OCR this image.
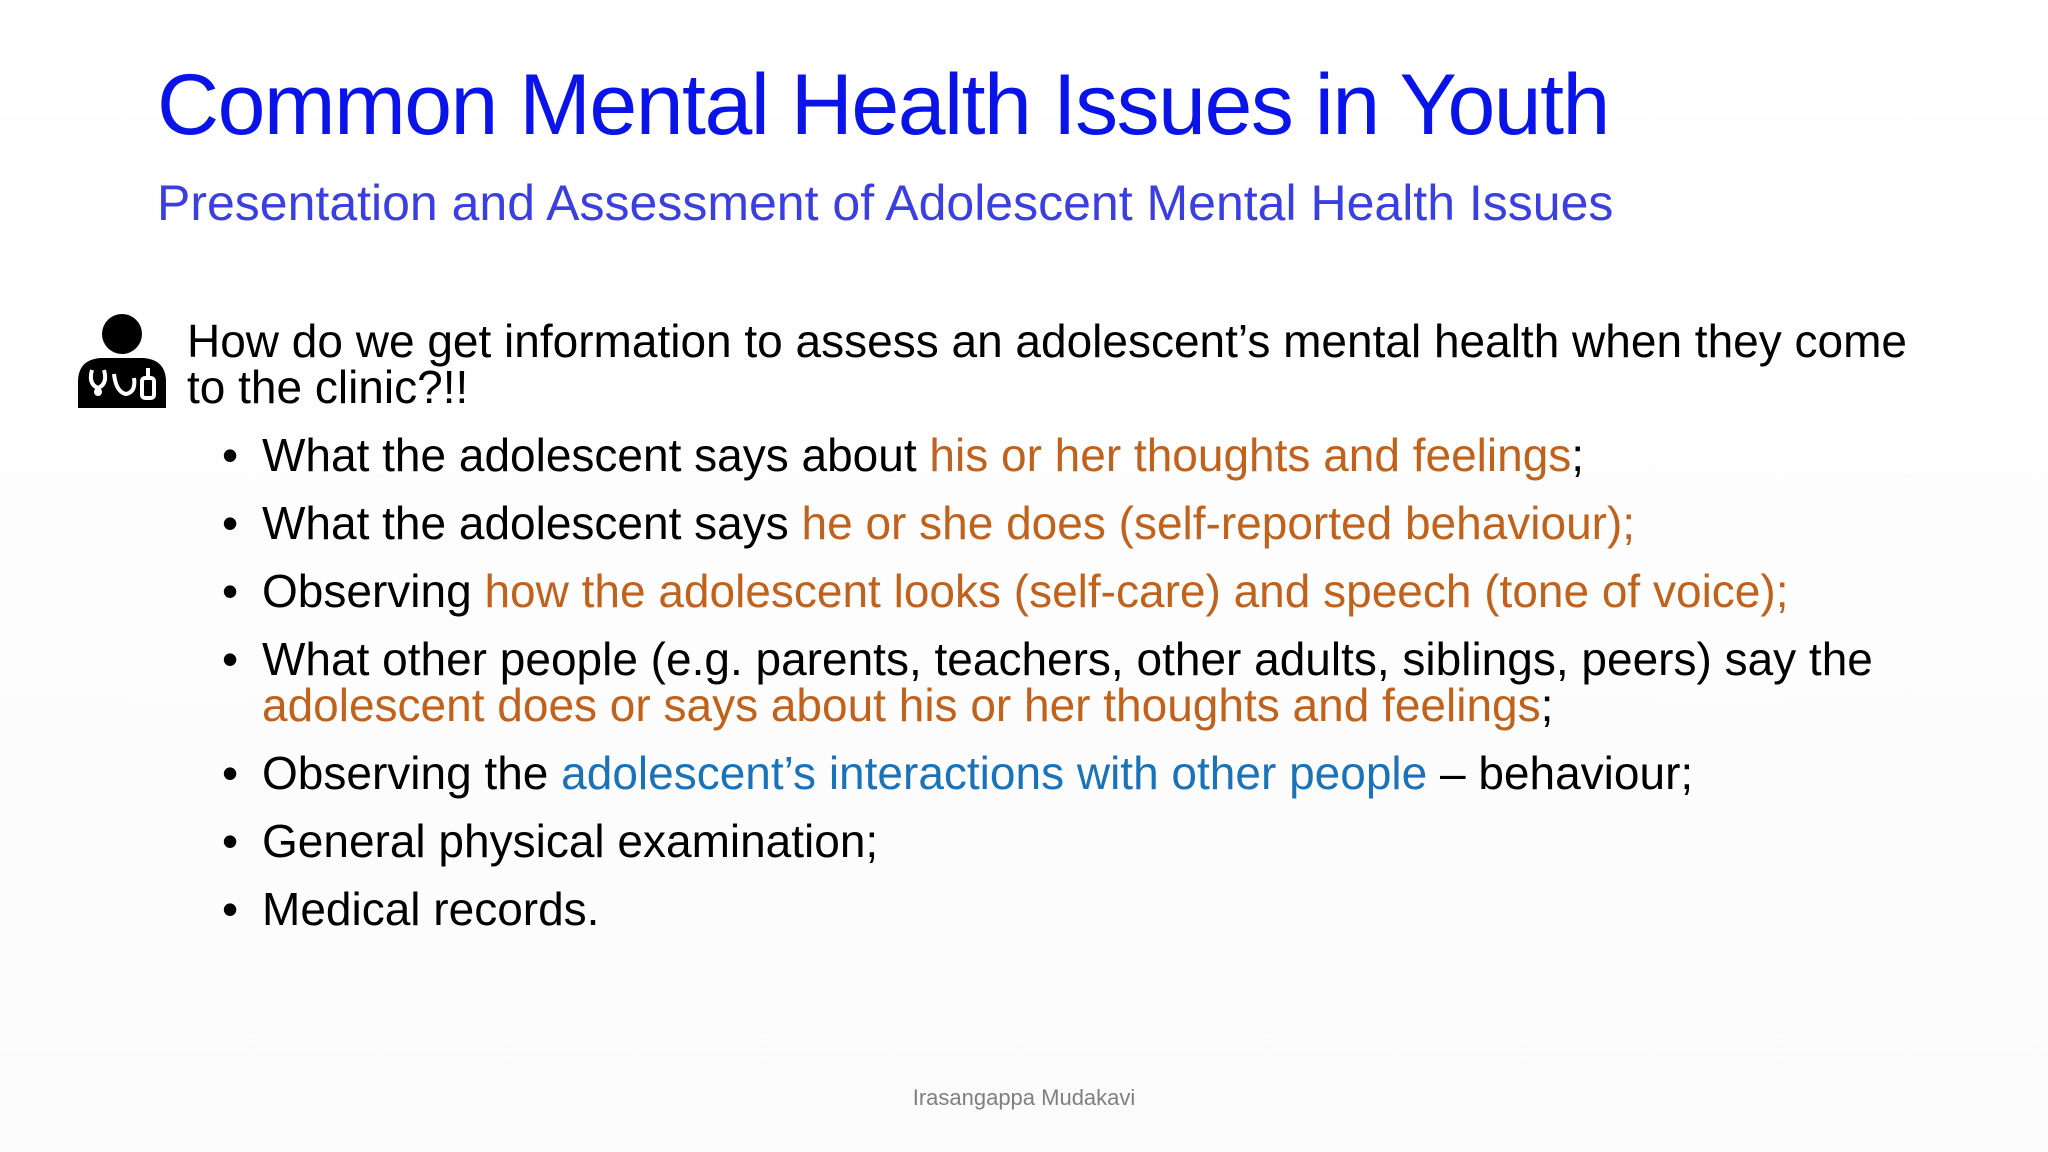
Common Mental Health Issues in Youth
Presentation and Assessment of Adolescent Mental Health Issues

How do we get information to assess an adolescent’s mental health when they come to the clinic?!!

• What the adolescent says about his or her thoughts and feelings;
• What the adolescent says he or she does (self-reported behaviour);
• Observing how the adolescent looks (self-care) and speech (tone of voice);
• What other people (e.g. parents, teachers, other adults, siblings, peers) say the adolescent does or says about his or her thoughts and feelings;
• Observing the adolescent’s interactions with other people – behaviour;
• General physical examination;
• Medical records.
Irasangappa Mudakavi
